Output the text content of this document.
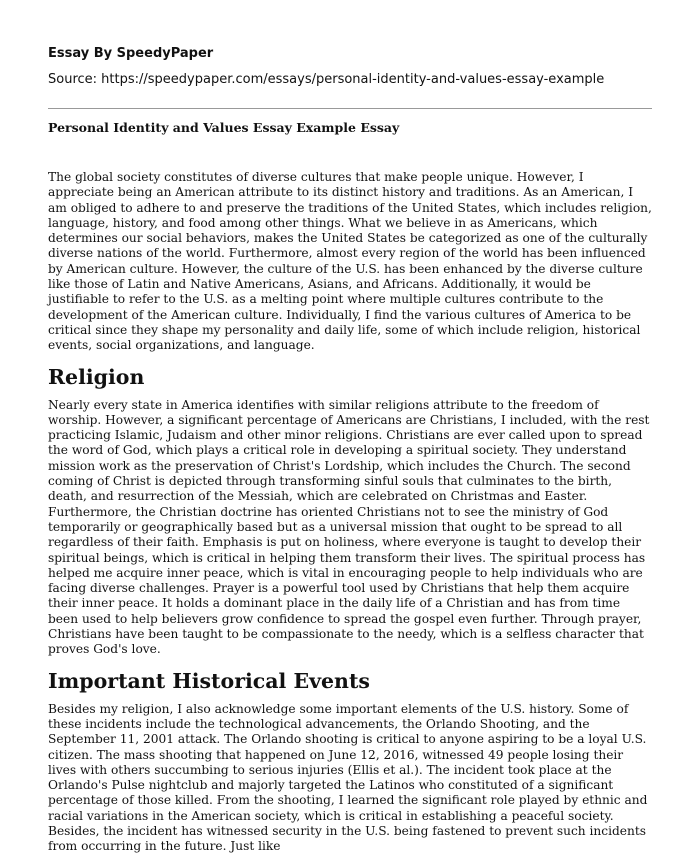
Essay By SpeedyPaper
Source: https://speedypaper.com/essays/personal-identity-and-values-essay-example
Personal Identity and Values Essay Example Essay

The global society constitutes of diverse cultures that make people unique. However, I appreciate being an American attribute to its distinct history and traditions. As an American, I am obliged to adhere to and preserve the traditions of the United States, which includes religion, language, history, and food among other things. What we believe in as Americans, which determines our social behaviors, makes the United States be categorized as one of the culturally diverse nations of the world. Furthermore, almost every region of the world has been influenced by American culture. However, the culture of the U.S. has been enhanced by the diverse culture like those of Latin and Native Americans, Asians, and Africans. Additionally, it would be justifiable to refer to the U.S. as a melting point where multiple cultures contribute to the development of the American culture. Individually, I find the various cultures of America to be critical since they shape my personality and daily life, some of which include religion, historical events, social organizations, and language.

Religion

Nearly every state in America identifies with similar religions attribute to the freedom of worship. However, a significant percentage of Americans are Christians, I included, with the rest practicing Islamic, Judaism and other minor religions. Christians are ever called upon to spread the word of God, which plays a critical role in developing a spiritual society. They understand mission work as the preservation of Christ's Lordship, which includes the Church. The second coming of Christ is depicted through transforming sinful souls that culminates to the birth, death, and resurrection of the Messiah, which are celebrated on Christmas and Easter. Furthermore, the Christian doctrine has oriented Christians not to see the ministry of God temporarily or geographically based but as a universal mission that ought to be spread to all regardless of their faith. Emphasis is put on holiness, where everyone is taught to develop their spiritual beings, which is critical in helping them transform their lives. The spiritual process has helped me acquire inner peace, which is vital in encouraging people to help individuals who are facing diverse challenges. Prayer is a powerful tool used by Christians that help them acquire their inner peace. It holds a dominant place in the daily life of a Christian and has from time been used to help believers grow confidence to spread the gospel even further. Through prayer, Christians have been taught to be compassionate to the needy, which is a selfless character that proves God's love.

Important Historical Events

Besides my religion, I also acknowledge some important elements of the U.S. history. Some of these incidents include the technological advancements, the Orlando Shooting, and the September 11, 2001 attack. The Orlando shooting is critical to anyone aspiring to be a loyal U.S. citizen. The mass shooting that happened on June 12, 2016, witnessed 49 people losing their lives with others succumbing to serious injuries (Ellis et al.). The incident took place at the Orlando's Pulse nightclub and majorly targeted the Latinos who constituted of a significant percentage of those killed. From the shooting, I learned the significant role played by ethnic and racial variations in the American society, which is critical in establishing a peaceful society. Besides, the incident has witnessed security in the U.S. being fastened to prevent such incidents from occurring in the future. Just like
